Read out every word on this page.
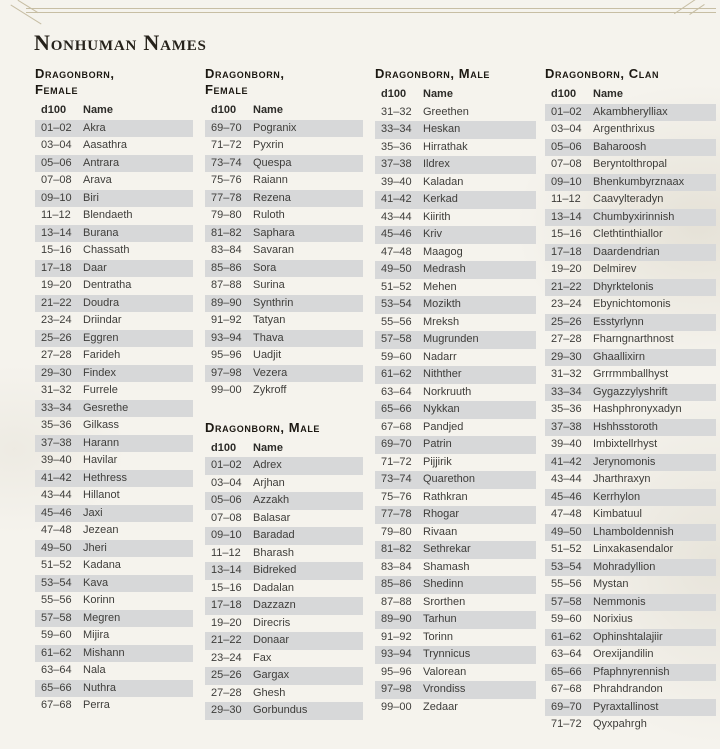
Nonhuman Names
Dragonborn,
Female
d100	Name
01–02	Akra
03–04	Aasathra
05–06	Antrara
07–08	Arava
09–10	Biri
11–12	Blendaeth
13–14	Burana
15–16	Chassath
17–18	Daar
19–20	Dentratha
21–22	Doudra
23–24	Driindar
25–26	Eggren
27–28	Farideh
29–30	Findex
31–32	Furrele
33–34	Gesrethe
35–36	Gilkass
37–38	Harann
39–40	Havilar
41–42	Hethress
43–44	Hillanot
45–46	Jaxi
47–48	Jezean
49–50	Jheri
51–52	Kadana
53–54	Kava
55–56	Korinn
57–58	Megren
59–60	Mijira
61–62	Mishann
63–64	Nala
65–66	Nuthra
67–68	Perra
Dragonborn,
Female
d100	Name
69–70	Pogranix
71–72	Pyxrin
73–74	Quespa
75–76	Raiann
77–78	Rezena
79–80	Ruloth
81–82	Saphara
83–84	Savaran
85–86	Sora
87–88	Surina
89–90	Synthrin
91–92	Tatyan
93–94	Thava
95–96	Uadjit
97–98	Vezera
99–00	Zykroff
Dragonborn, Male
d100	Name
01–02	Adrex
03–04	Arjhan
05–06	Azzakh
07–08	Balasar
09–10	Baradad
11–12	Bharash
13–14	Bidreked
15–16	Dadalan
17–18	Dazzazn
19–20	Direcris
21–22	Donaar
23–24	Fax
25–26	Gargax
27–28	Ghesh
29–30	Gorbundus
Dragonborn, Male
d100	Name
31–32	Greethen
33–34	Heskan
35–36	Hirrathak
37–38	Ildrex
39–40	Kaladan
41–42	Kerkad
43–44	Kiirith
45–46	Kriv
47–48	Maagog
49–50	Medrash
51–52	Mehen
53–54	Mozikth
55–56	Mreksh
57–58	Mugrunden
59–60	Nadarr
61–62	Nithther
63–64	Norkruuth
65–66	Nykkan
67–68	Pandjed
69–70	Patrin
71–72	Pijjirik
73–74	Quarethon
75–76	Rathkran
77–78	Rhogar
79–80	Rivaan
81–82	Sethrekar
83–84	Shamash
85–86	Shedinn
87–88	Srorthen
89–90	Tarhun
91–92	Torinn
93–94	Trynnicus
95–96	Valorean
97–98	Vrondiss
99–00	Zedaar
Dragonborn, Clan
d100	Name
01–02	Akambherylliax
03–04	Argenthrixus
05–06	Baharoosh
07–08	Beryntolthropal
09–10	Bhenkumbyrznaax
11–12	Caavylteradyn
13–14	Chumbyxirinnish
15–16	Clethtinthiallor
17–18	Daardendrian
19–20	Delmirev
21–22	Dhyrktelonis
23–24	Ebynichtomonis
25–26	Esstyrlynn
27–28	Fharngnarthnost
29–30	Ghaallixirn
31–32	Grrrmmballhyst
33–34	Gygazzylyshrift
35–36	Hashphronyxadyn
37–38	Hshhsstoroth
39–40	Imbixtellrhyst
41–42	Jerynomonis
43–44	Jharthraxyn
45–46	Kerrhylon
47–48	Kimbatuul
49–50	Lhamboldennish
51–52	Linxakasendalor
53–54	Mohradyllion
55–56	Mystan
57–58	Nemmonis
59–60	Norixius
61–62	Ophinshtalajiir
63–64	Orexijandilin
65–66	Pfaphnyrennish
67–68	Phrahdrandon
69–70	Pyraxtallinost
71–72	Qyxpahrgh
